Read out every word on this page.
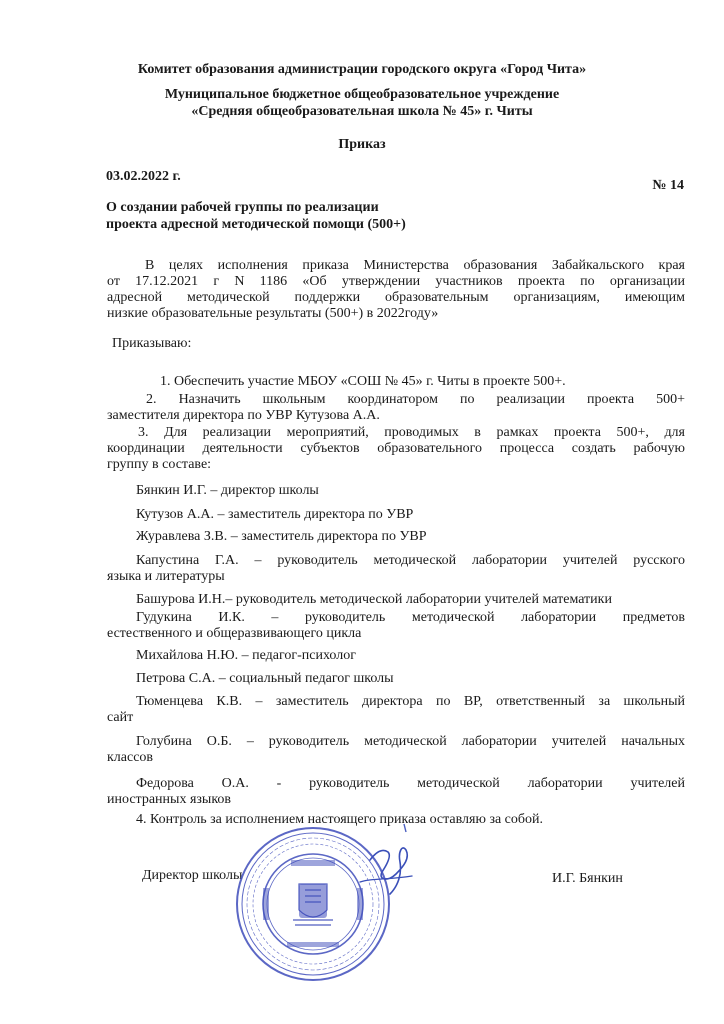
Комитет образования администрации городского округа «Город Чита»
Муниципальное бюджетное общеобразовательное учреждение
«Средняя общеобразовательная школа № 45» г. Читы
Приказ
03.02.2022 г.
№ 14
О создании рабочей группы по реализации
проекта адресной методической помощи (500+)
В целях исполнения приказа Министерства образования Забайкальского края
от 17.12.2021 г N 1186 «Об утверждении участников проекта по организации
адресной методической поддержки образовательным организациям, имеющим
низкие образовательные результаты (500+) в 2022году»
Приказываю:
1. Обеспечить участие МБОУ «СОШ № 45» г. Читы в проекте 500+.
2. Назначить школьным координатором по реализации проекта 500+
заместителя директора по УВР Кутузова А.А.
3. Для реализации мероприятий, проводимых в рамках проекта 500+, для
координации деятельности субъектов образовательного процесса создать рабочую
группу в составе:
Бянкин И.Г. – директор школы
Кутузов А.А. – заместитель директора по УВР
Журавлева З.В. – заместитель директора по УВР
Капустина Г.А. – руководитель методической лаборатории учителей русского
языка и литературы
Башурова И.Н.– руководитель методической лаборатории учителей математики
Гудукина И.К. – руководитель методической лаборатории предметов
естественного и общеразвивающего цикла
Михайлова Н.Ю. – педагог-психолог
Петрова С.А. – социальный педагог школы
Тюменцева К.В. – заместитель директора по ВР, ответственный за школьный
сайт
Голубина О.Б. – руководитель методической лаборатории учителей начальных
классов
Федорова О.А. - руководитель методической лаборатории учителей
иностранных языков
4. Контроль за исполнением настоящего приказа оставляю за собой.
Директор школы	И.Г. Бянкин
